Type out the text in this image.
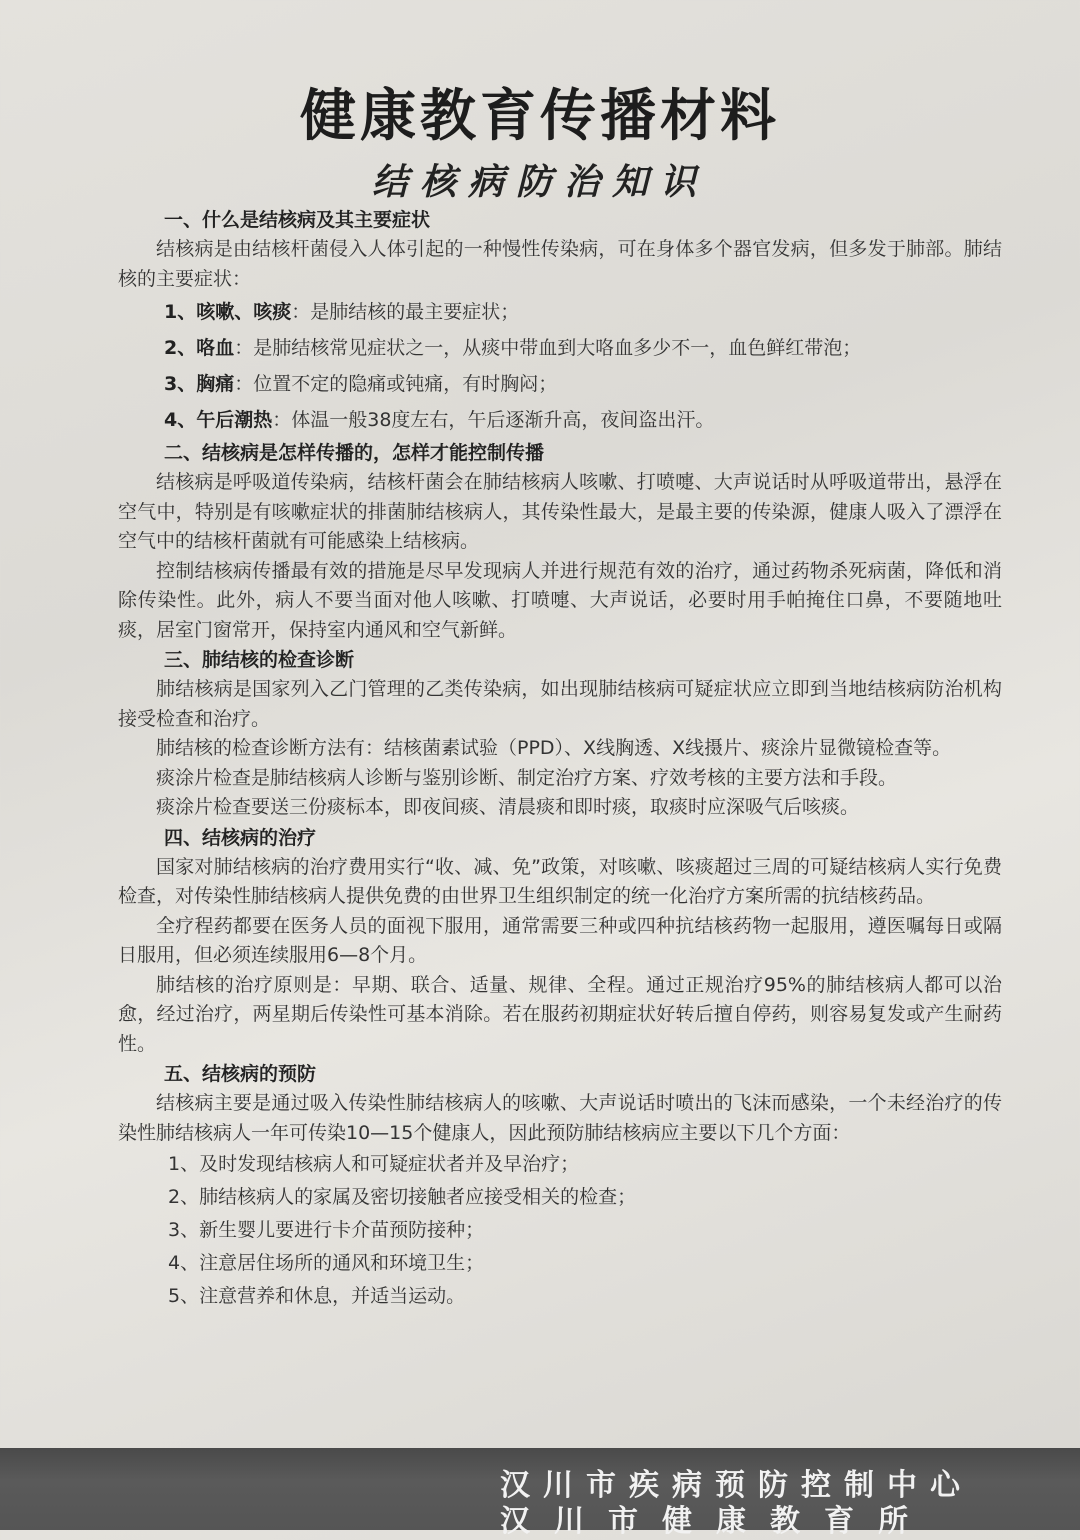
健康教育传播材料
结核病防治知识
一、什么是结核病及其主要症状

结核病是由结核杆菌侵入人体引起的一种慢性传染病，可在身体多个器官发病，但多发于肺部。肺结核的主要症状：

1、咳嗽、咳痰：是肺结核的最主要症状；
2、咯血：是肺结核常见症状之一，从痰中带血到大咯血多少不一，血色鲜红带泡；
3、胸痛：位置不定的隐痛或钝痛，有时胸闷；
4、午后潮热：体温一般38度左右，午后逐渐升高，夜间盗出汗。
二、结核病是怎样传播的，怎样才能控制传播

结核病是呼吸道传染病，结核杆菌会在肺结核病人咳嗽、打喷嚏、大声说话时从呼吸道带出，悬浮在空气中，特别是有咳嗽症状的排菌肺结核病人，其传染性最大，是最主要的传染源，健康人吸入了漂浮在空气中的结核杆菌就有可能感染上结核病。

控制结核病传播最有效的措施是尽早发现病人并进行规范有效的治疗，通过药物杀死病菌，降低和消除传染性。此外，病人不要当面对他人咳嗽、打喷嚏、大声说话，必要时用手帕掩住口鼻，不要随地吐痰，居室门窗常开，保持室内通风和空气新鲜。

三、肺结核的检查诊断

肺结核病是国家列入乙门管理的乙类传染病，如出现肺结核病可疑症状应立即到当地结核病防治机构接受检查和治疗。

肺结核的检查诊断方法有：结核菌素试验（PPD）、X线胸透、X线摄片、痰涂片显微镜检查等。

痰涂片检查是肺结核病人诊断与鉴别诊断、制定治疗方案、疗效考核的主要方法和手段。

痰涂片检查要送三份痰标本，即夜间痰、清晨痰和即时痰，取痰时应深吸气后咳痰。

四、结核病的治疗

国家对肺结核病的治疗费用实行“收、减、免”政策，对咳嗽、咳痰超过三周的可疑结核病人实行免费检查，对传染性肺结核病人提供免费的由世界卫生组织制定的统一化治疗方案所需的抗结核药品。

全疗程药都要在医务人员的面视下服用，通常需要三种或四种抗结核药物一起服用，遵医嘱每日或隔日服用，但必须连续服用6—8个月。

肺结核的治疗原则是：早期、联合、适量、规律、全程。通过正规治疗95%的肺结核病人都可以治愈，经过治疗，两星期后传染性可基本消除。若在服药初期症状好转后擅自停药，则容易复发或产生耐药性。

五、结核病的预防

结核病主要是通过吸入传染性肺结核病人的咳嗽、大声说话时喷出的飞沫而感染，一个未经治疗的传染性肺结核病人一年可传染10—15个健康人，因此预防肺结核病应主要以下几个方面：

1、及时发现结核病人和可疑症状者并及早治疗；
2、肺结核病人的家属及密切接触者应接受相关的检查；
3、新生婴儿要进行卡介苗预防接种；
4、注意居住场所的通风和环境卫生；
5、注意营养和休息，并适当运动。
汉川市疾病预防控制中心
汉川市健康教育所
